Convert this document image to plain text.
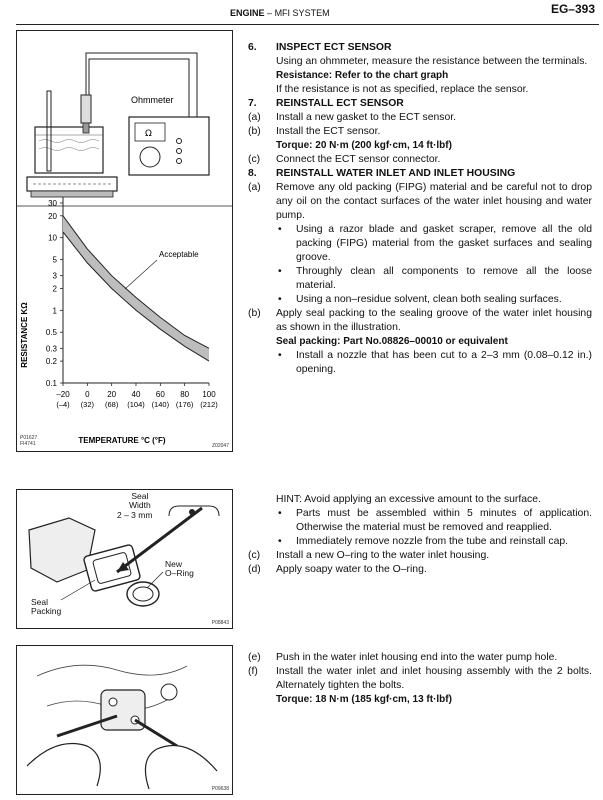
ENGINE – MFI SYSTEM	EG–393
Ω
Ohmmeter
30
20
10
5
3
2
1
0.5
0.3
0.2
0.1
–20
(–4)
0
(32)
20
(68)
40
(104)
60
(140)
80
(176)
100
(212)
Acceptable
RESISTANCE KΩ
TEMPERATURE °C (°F)
P01627
FI4741	Z02047
Seal
Width
2 – 3 mm
New
O–Ring
Seal
Packing
P08843
P09638
6.	INSPECT ECT SENSOR
Using an ohmmeter, measure the resistance between the terminals.
Resistance: Refer to the chart graph
If the resistance is not as specified, replace the sensor.
7.	REINSTALL ECT SENSOR
(a)	Install a new gasket to the ECT sensor.
(b)	Install the ECT sensor.
Torque: 20 N·m (200 kgf·cm, 14 ft·lbf)
(c)	Connect the ECT sensor connector.
8.	REINSTALL WATER INLET AND INLET HOUSING
(a)	Remove any old packing (FIPG) material and be careful not to drop any oil on the contact surfaces of the water inlet housing and water pump.
• Using a razor blade and gasket scraper, remove all the old packing (FIPG) material from the gasket surfaces and sealing groove.
• Throughly clean all components to remove all the loose material.
• Using a non–residue solvent, clean both sealing surfaces.
(b)	Apply seal packing to the sealing groove of the water inlet housing as shown in the illustration.
Seal packing: Part No.08826–00010 or equivalent
• Install a nozzle that has been cut to a 2–3 mm (0.08–0.12 in.) opening.
HINT: Avoid applying an excessive amount to the surface.
• Parts must be assembled within 5 minutes of application. Otherwise the material must be removed and reapplied.
• Immediately remove nozzle from the tube and reinstall cap.
(c)	Install a new O–ring to the water inlet housing.
(d)	Apply soapy water to the O–ring.
(e)	Push in the water inlet housing end into the water pump hole.
(f)	Install the water inlet and inlet housing assembly with the 2 bolts. Alternately tighten the bolts.
Torque: 18 N·m (185 kgf·cm, 13 ft·lbf)
